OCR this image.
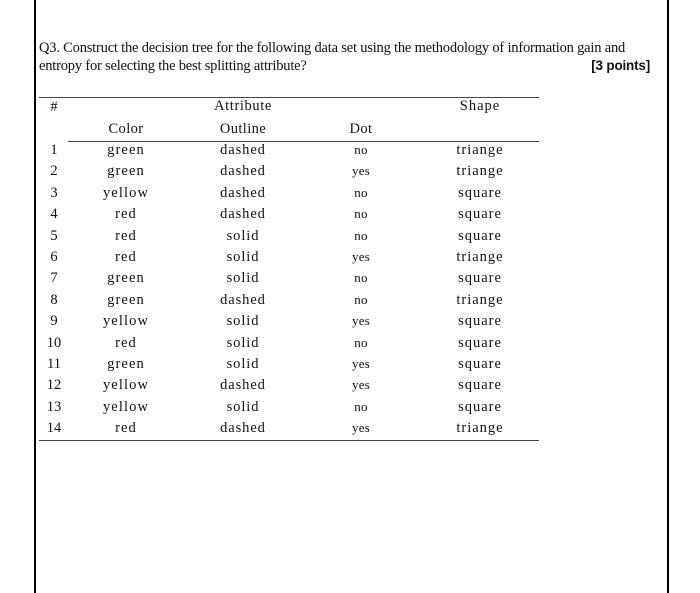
Q3. Construct the decision tree for the following data set using the methodology of information gain and
entropy for selecting the best splitting attribute?	[3 points]
#	Attribute	Shape
Color	Outline	Dot
1	green	dashed	no	triange
2	green	dashed	yes	triange
3	yellow	dashed	no	square
4	red	dashed	no	square
5	red	solid	no	square
6	red	solid	yes	triange
7	green	solid	no	square
8	green	dashed	no	triange
9	yellow	solid	yes	square
10	red	solid	no	square
11	green	solid	yes	square
12	yellow	dashed	yes	square
13	yellow	solid	no	square
14	red	dashed	yes	triange
